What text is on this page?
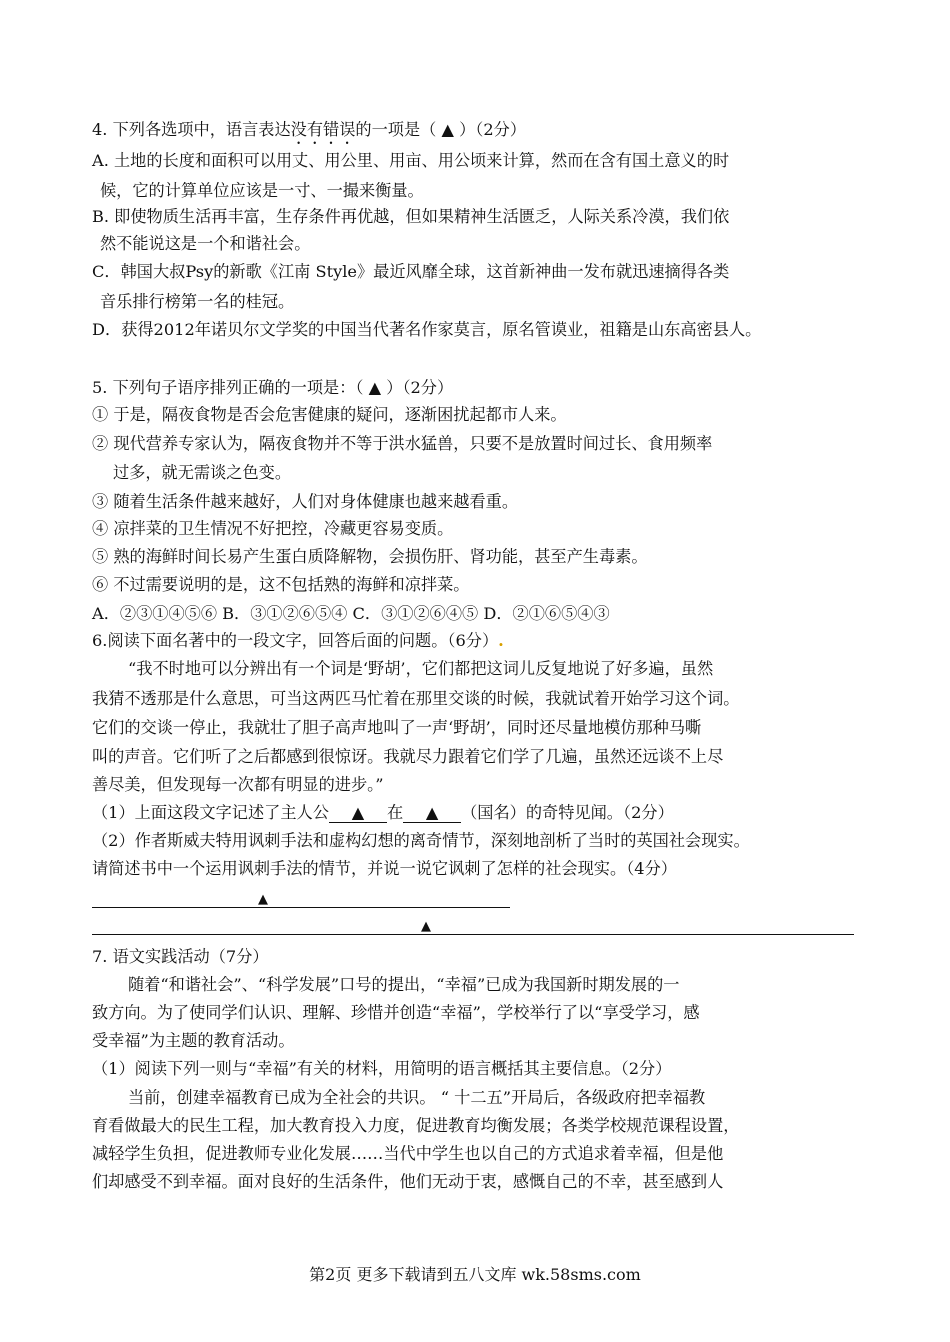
4. 下列各选项中，语言表达没有错误的一项是（ ▲ ）（2分）
A. 土地的长度和面积可以用丈、用公里、用亩、用公顷来计算，然而在含有国土意义的时
候，它的计算单位应该是一寸、一撮来衡量。
B. 即使物质生活再丰富，生存条件再优越，但如果精神生活匮乏，人际关系冷漠，我们依
然不能说这是一个和谐社会。
C．韩国大叔Psy的新歌《江南 Style》最近风靡全球，这首新神曲一发布就迅速摘得各类
音乐排行榜第一名的桂冠。
D．获得2012年诺贝尔文学奖的中国当代著名作家莫言，原名管谟业，祖籍是山东高密县人。
5. 下列句子语序排列正确的一项是：（ ▲ ）（2分）
① 于是，隔夜食物是否会危害健康的疑问，逐渐困扰起都市人来。
② 现代营养专家认为，隔夜食物并不等于洪水猛兽，只要不是放置时间过长、食用频率
过多，就无需谈之色变。
③ 随着生活条件越来越好，人们对身体健康也越来越看重。
④ 凉拌菜的卫生情况不好把控，冷藏更容易变质。
⑤ 熟的海鲜时间长易产生蛋白质降解物，会损伤肝、肾功能，甚至产生毒素。
⑥ 不过需要说明的是，这不包括熟的海鲜和凉拌菜。
A．②③①④⑤⑥ B．③①②⑥⑤④ C．③①②⑥④⑤ D．②①⑥⑤④③
6.阅读下面名著中的一段文字，回答后面的问题。（6分）.
“我不时地可以分辨出有一个词是‘野胡’，它们都把这词儿反复地说了好多遍，虽然
我猜不透那是什么意思，可当这两匹马忙着在那里交谈的时候，我就试着开始学习这个词。
它们的交谈一停止，我就壮了胆子高声地叫了一声‘野胡’，同时还尽量地模仿那种马嘶
叫的声音。它们听了之后都感到很惊讶。我就尽力跟着它们学了几遍，虽然还远谈不上尽
善尽美，但发现每一次都有明显的进步。”
（1）上面这段文字记述了主人公 ▲ 在 ▲ （国名）的奇特见闻。（2分）
（2）作者斯威夫特用讽刺手法和虚构幻想的离奇情节，深刻地剖析了当时的英国社会现实。
请简述书中一个运用讽刺手法的情节，并说一说它讽刺了怎样的社会现实。（4分）
▲
▲
7. 语文实践活动（7分）
随着“和谐社会”、“科学发展”口号的提出，“幸福”已成为我国新时期发展的一
致方向。为了使同学们认识、理解、珍惜并创造“幸福”，学校举行了以“享受学习，感
受幸福”为主题的教育活动。
（1）阅读下列一则与“幸福”有关的材料，用简明的语言概括其主要信息。（2分）
当前，创建幸福教育已成为全社会的共识。 “ 十二五”开局后，各级政府把幸福教
育看做最大的民生工程，加大教育投入力度，促进教育均衡发展；各类学校规范课程设置，
减轻学生负担，促进教师专业化发展……当代中学生也以自己的方式追求着幸福，但是他
们却感受不到幸福。面对良好的生活条件，他们无动于衷，感慨自己的不幸，甚至感到人
第2页 更多下载请到五八文库 wk.58sms.com
